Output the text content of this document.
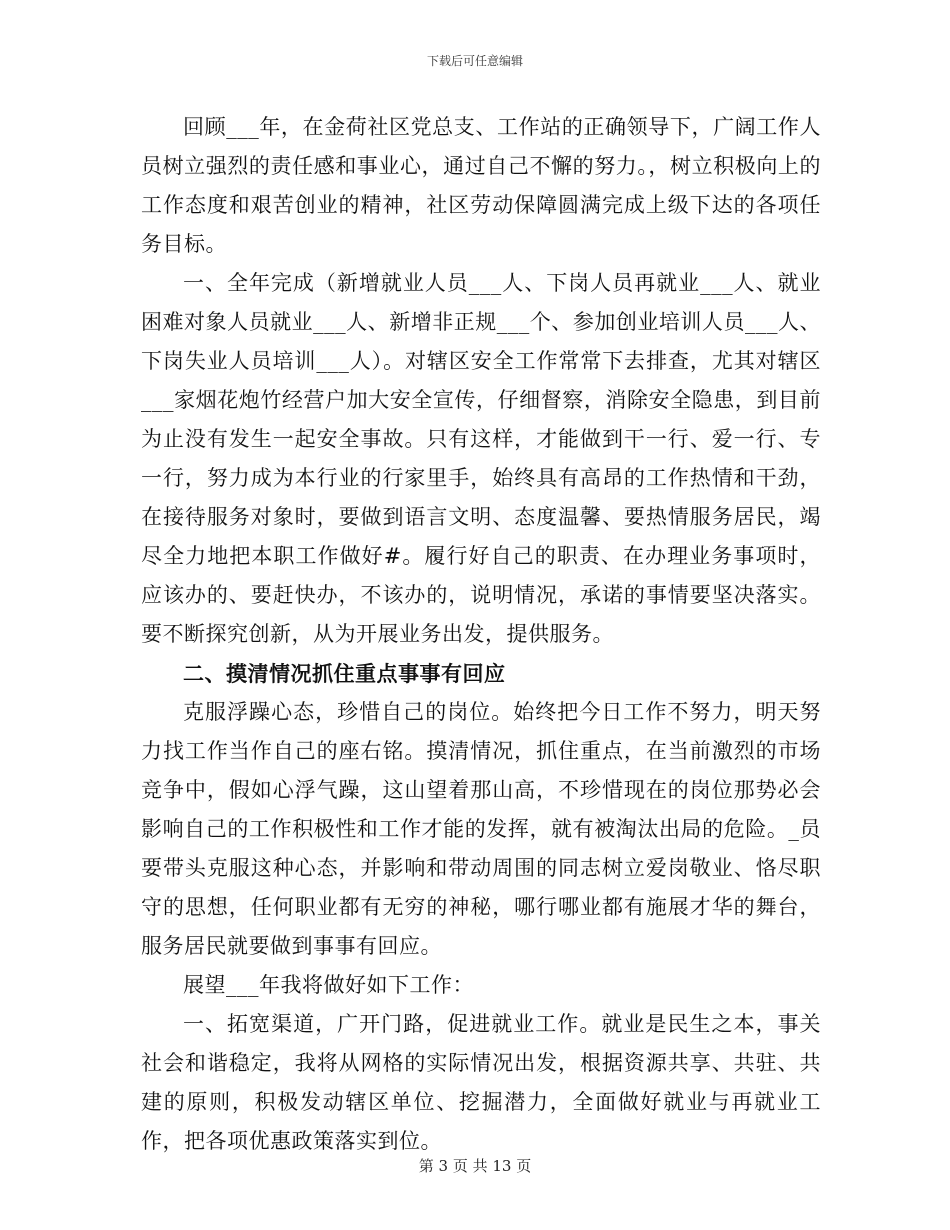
下载后可任意编辑

回顾___年，在金荷社区党总支、工作站的正确领导下，广阔工作人员树立强烈的责任感和事业心，通过自己不懈的努力。，树立积极向上的工作态度和艰苦创业的精神，社区劳动保障圆满完成上级下达的各项任务目标。

一、全年完成（新增就业人员___人、下岗人员再就业___人、就业困难对象人员就业___人、新增非正规___个、参加创业培训人员___人、下岗失业人员培训___人）。对辖区安全工作常常下去排查，尤其对辖区___家烟花炮竹经营户加大安全宣传，仔细督察，消除安全隐患，到目前为止没有发生一起安全事故。只有这样，才能做到干一行、爱一行、专一行，努力成为本行业的行家里手，始终具有高昂的工作热情和干劲，在接待服务对象时，要做到语言文明、态度温馨、要热情服务居民，竭尽全力地把本职工作做好#。履行好自己的职责、在办理业务事项时，应该办的、要赶快办，不该办的，说明情况，承诺的事情要坚决落实。要不断探究创新，从为开展业务出发，提供服务。

二、摸清情况抓住重点事事有回应

克服浮躁心态，珍惜自己的岗位。始终把今日工作不努力，明天努力找工作当作自己的座右铭。摸清情况，抓住重点，在当前激烈的市场竞争中，假如心浮气躁，这山望着那山高，不珍惜现在的岗位那势必会影响自己的工作积极性和工作才能的发挥，就有被淘汰出局的危险。_员要带头克服这种心态，并影响和带动周围的同志树立爱岗敬业、恪尽职守的思想，任何职业都有无穷的神秘，哪行哪业都有施展才华的舞台，服务居民就要做到事事有回应。

展望___年我将做好如下工作：

一、拓宽渠道，广开门路，促进就业工作。就业是民生之本，事关社会和谐稳定，我将从网格的实际情况出发，根据资源共享、共驻、共建的原则，积极发动辖区单位、挖掘潜力，全面做好就业与再就业工作，把各项优惠政策落实到位。

第 3 页 共 13 页
